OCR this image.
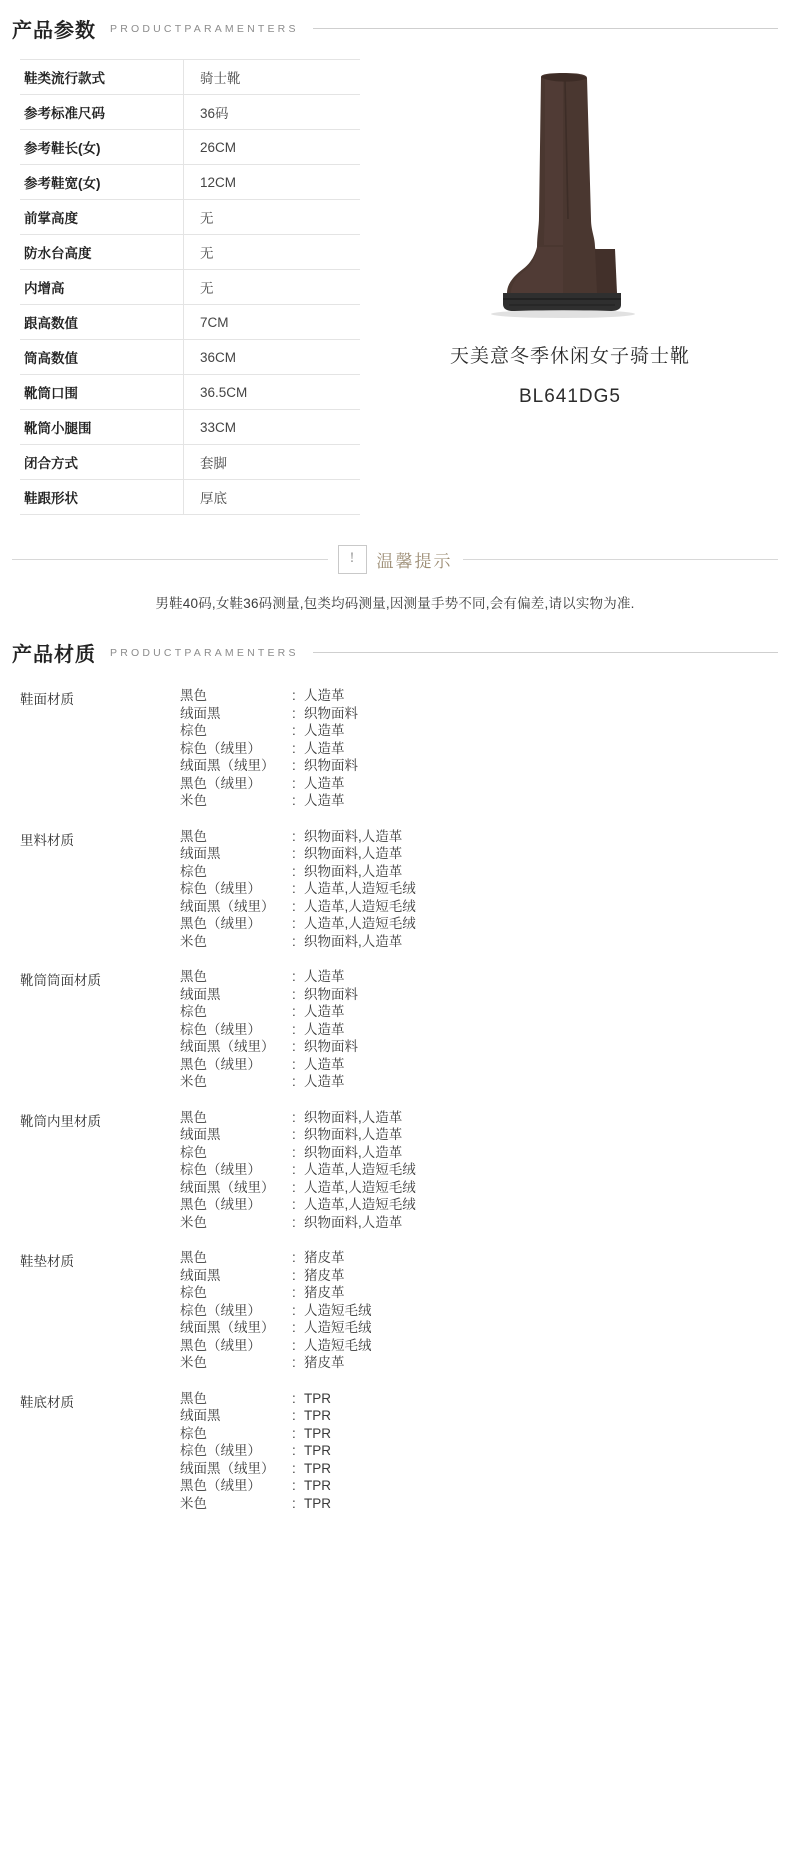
产品参数 PRODUCTPARAMENTERS
鞋类流行款式	骑士靴
参考标准尺码	36码
参考鞋长(女)	26CM
参考鞋宽(女)	12CM
前掌高度	无
防水台高度	无
内增高	无
跟高数值	7CM
筒高数值	36CM
靴筒口围	36.5CM
靴筒小腿围	33CM
闭合方式	套脚
鞋跟形状	厚底
天美意冬季休闲女子骑士靴
BL641DG5
!	温馨提示
男鞋40码,女鞋36码测量,包类均码测量,因测量手势不同,会有偏差,请以实物为准.
产品材质 PRODUCTPARAMENTERS
鞋面材质	黑色	: 人造革
绒面黑	: 织物面料
棕色	: 人造革
棕色（绒里）	: 人造革
绒面黑（绒里）	: 织物面料
黑色（绒里）	: 人造革
米色	: 人造革
里料材质	黑色	: 织物面料,人造革
绒面黑	: 织物面料,人造革
棕色	: 织物面料,人造革
棕色（绒里）	: 人造革,人造短毛绒
绒面黑（绒里）	: 人造革,人造短毛绒
黑色（绒里）	: 人造革,人造短毛绒
米色	: 织物面料,人造革
靴筒筒面材质	黑色	: 人造革
绒面黑	: 织物面料
棕色	: 人造革
棕色（绒里）	: 人造革
绒面黑（绒里）	: 织物面料
黑色（绒里）	: 人造革
米色	: 人造革
靴筒内里材质	黑色	: 织物面料,人造革
绒面黑	: 织物面料,人造革
棕色	: 织物面料,人造革
棕色（绒里）	: 人造革,人造短毛绒
绒面黑（绒里）	: 人造革,人造短毛绒
黑色（绒里）	: 人造革,人造短毛绒
米色	: 织物面料,人造革
鞋垫材质	黑色	: 猪皮革
绒面黑	: 猪皮革
棕色	: 猪皮革
棕色（绒里）	: 人造短毛绒
绒面黑（绒里）	: 人造短毛绒
黑色（绒里）	: 人造短毛绒
米色	: 猪皮革
鞋底材质	黑色	: TPR
绒面黑	: TPR
棕色	: TPR
棕色（绒里）	: TPR
绒面黑（绒里）	: TPR
黑色（绒里）	: TPR
米色	: TPR
